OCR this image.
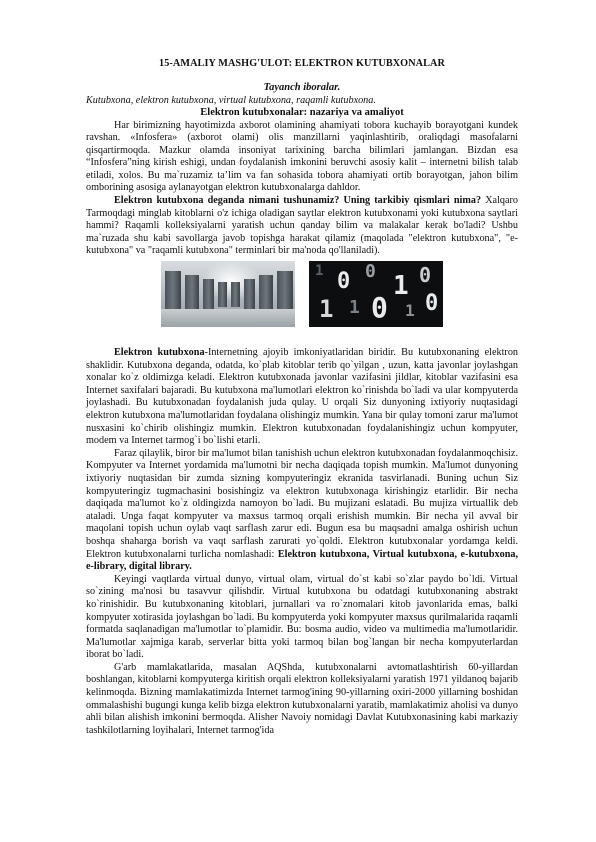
15-AMALIY MASHG'ULOT: ELEKTRON KUTUBXONALAR
Tayanch iboralar.
Kutubxona, elektron kutubxona, virtual kutubxona, raqamli kutubxona.
Elektron kutubxonalar: nazariya va amaliyot

Har birimizning hayotimizda axborot olamining ahamiyati tobora kuchayib borayotgani kundek ravshan. «Infosfera» (axborot olami) olis manzillarni yaqinlashtirib, oraliqdagi masofalarni qisqartirmoqda. Mazkur olamda insoniyat tarixining barcha bilimlari jamlangan. Bizdan esa “Infosfera”ning kirish eshigi, undan foydalanish imkonini beruvchi asosiy kalit – internetni bilish talab etiladi, xolos. Bu ma`ruzamiz ta’lim va fan sohasida tobora ahamiyati ortib borayotgan, jahon bilim omborining asosiga aylanayotgan elektron kutubxonalarga dahldor.

Elektron kutubxona deganda nimani tushunamiz? Uning tarkibiy qismlari nima? Xalqaro Tarmoqdagi minglab kitoblarni o'z ichiga oladigan saytlar elektron kutubxonami yoki kutubxona saytlari hammi? Raqamli kolleksiyalarni yaratish uchun qanday bilim va malakalar kerak bo'ladi? Ushbu ma`ruzada shu kabi savollarga javob topishga harakat qilamiz (maqolada "elektron kutubxona", "e-kutubxona" va "raqamli kutubxona" terminlari bir ma'noda qo'llaniladi).

1 0 0 1 0
1 1 0 1 0

Elektron kutubxona-Internetning ajoyib imkoniyatlaridan biridir. Bu kutubxonaning elektron shaklidir. Kutubxona deganda, odatda, ko`plab kitoblar terib qo`yilgan , uzun, katta javonlar joylashgan xonalar ko`z oldimizga keladi. Elektron kutubxonada javonlar vazifasini jildlar, kitoblar vazifasini esa Internet saxifalari bajaradi. Bu kutubxona ma'lumotlari elektron ko`rinishda bo`ladi va ular kompyuterda joylashadi. Bu kutubxonadan foydalanish juda qulay. U orqali Siz dunyoning ixtiyoriy nuqtasidagi elektron kutubxona ma'lumotlaridan foydalana olishingiz mumkin. Yana bir qulay tomoni zarur ma'lumot nusxasini ko`chirib olishingiz mumkin. Elektron kutubxonadan foydalanishingiz uchun kompyuter, modem va Internet tarmog`i bo`lishi etarli.

Faraz qilaylik, biror bir ma'lumot bilan tanishish uchun elektron kutubxonadan foydalanmoqchisiz. Kompyuter va Internet yordamida ma'lumotni bir necha daqiqada topish mumkin. Ma'lumot dunyoning ixtiyoriy nuqtasidan bir zumda sizning kompyuteringiz ekranida tasvirlanadi. Buning uchun Siz kompyuteringiz tugmachasini bosishingiz va elektron kutubxonaga kirishingiz etarlidir. Bir necha daqiqada ma'lumot ko`z oldingizda namoyon bo`ladi. Bu mujizani eslatadi. Bu mujiza virtuallik deb ataladi. Unga faqat kompyuter va maxsus tarmoq orqali erishish mumkin. Bir necha yil avval bir maqolani topish uchun oylab vaqt sarflash zarur edi. Bugun esa bu maqsadni amalga oshirish uchun boshqa shaharga borish va vaqt sarflash zarurati yo`qoldi. Elektron kutubxonalar yordamga keldi. Elektron kutubxonalarni turlicha nomlashadi: Elektron kutubxona, Virtual kutubxona, e-kutubxona, e-library, digital library.

Keyingi vaqtlarda virtual dunyo, virtual olam, virtual do`st kabi so`zlar paydo bo`ldi. Virtual so`zining ma'nosi bu tasavvur qilishdir. Virtual kutubxona bu odatdagi kutubxonaning abstrakt ko`rinishidir. Bu kutubxonaning kitoblari, jurnallari va ro`znomalari kitob javonlarida emas, balki kompyuter xotirasida joylashgan bo`ladi. Bu kompyuterda yoki kompyuter maxsus qurilmalarida raqamli formatda saqlanadigan ma'lumotlar to`plamidir. Bu: bosma audio, video va multimedia ma'lumotlaridir. Ma'lumotlar xajmiga karab, serverlar bitta yoki tarmoq bilan bog`langan bir necha kompyuterlardan iborat bo`ladi.

G'arb mamlakatlarida, masalan AQShda, kutubxonalarni avtomatlashtirish 60-yillardan boshlangan, kitoblarni kompyuterga kiritish orqali elektron kolleksiyalarni yaratish 1971 yildanoq bajarib kelinmoqda. Bizning mamlakatimizda Internet tarmog'ining 90-yillarning oxiri-2000 yillarning boshidan ommalashishi bugungi kunga kelib bizga elektron kutubxonalarni yaratib, mamlakatimiz aholisi va dunyo ahli bilan alishish imkonini bermoqda. Alisher Navoiy nomidagi Davlat Kutubxonasining kabi markaziy tashkilotlarning loyihalari, Internet tarmog'ida
